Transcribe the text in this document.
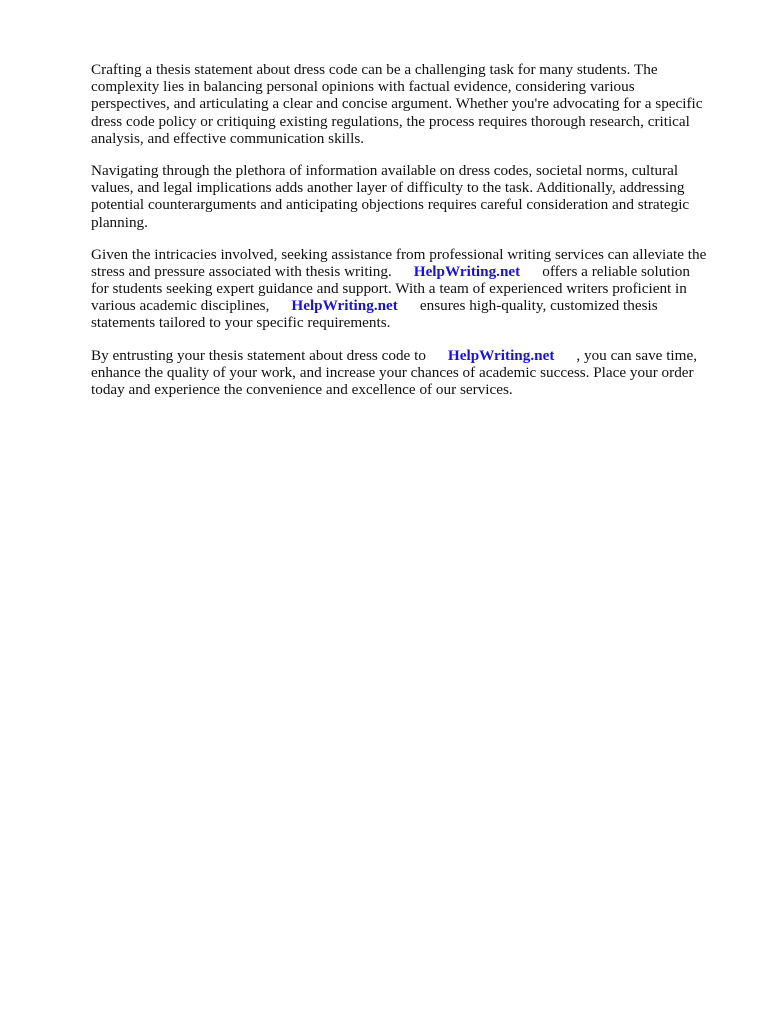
Crafting a thesis statement about dress code can be a challenging task for many students. The
complexity lies in balancing personal opinions with factual evidence, considering various
perspectives, and articulating a clear and concise argument. Whether you're advocating for a specific
dress code policy or critiquing existing regulations, the process requires thorough research, critical
analysis, and effective communication skills.

Navigating through the plethora of information available on dress codes, societal norms, cultural
values, and legal implications adds another layer of difficulty to the task. Additionally, addressing
potential counterarguments and anticipating objections requires careful consideration and strategic
planning.

Given the intricacies involved, seeking assistance from professional writing services can alleviate the
stress and pressure associated with thesis writing. HelpWriting.net offers a reliable solution
for students seeking expert guidance and support. With a team of experienced writers proficient in
various academic disciplines, HelpWriting.net ensures high-quality, customized thesis
statements tailored to your specific requirements.

By entrusting your thesis statement about dress code to HelpWriting.net , you can save time,
enhance the quality of your work, and increase your chances of academic success. Place your order
today and experience the convenience and excellence of our services.
